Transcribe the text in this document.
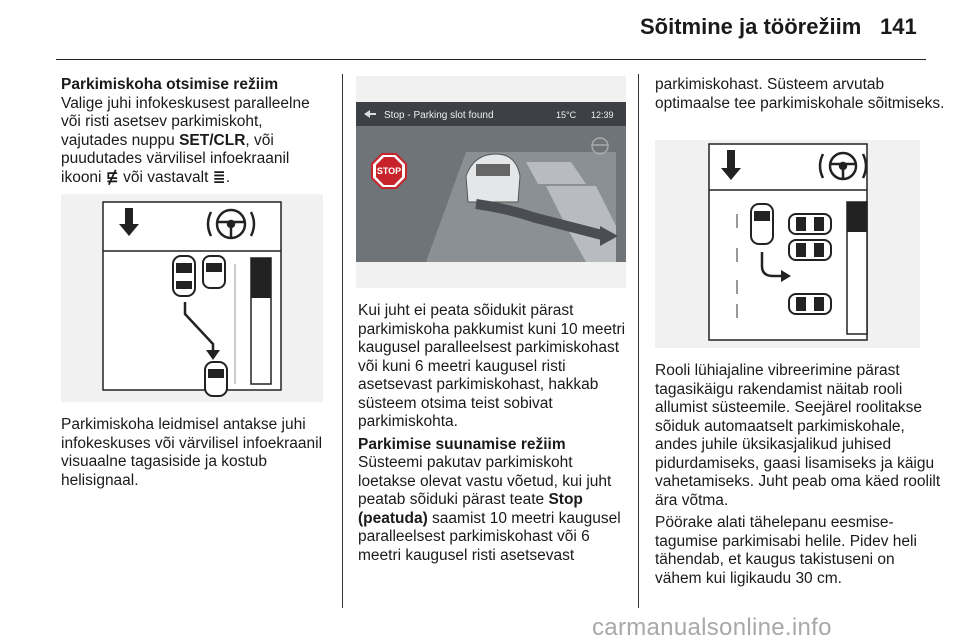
Sõitmine ja töörežiim 141

Parkimiskoha otsimise režiim

Valige juhi infokeskusest paralleelne või risti asetsev parkimiskoht, vajutades nuppu SET/CLR, või puudutades värvilisel infoekraanil ikooni ⋢ või vastavalt ≣.

Parkimiskoha leidmisel antakse juhi infokeskuses või värvilisel infoekraanil visuaalne tagasiside ja kostub helisignaal.

Stop - Parking slot found	15°C 12:39
STOP

Kui juht ei peata sõidukit pärast parkimiskoha pakkumist kuni 10 meetri kaugusel paralleelsest parkimiskohast või kuni 6 meetri kaugusel risti asetsevast parkimiskohast, hakkab süsteem otsima teist sobivat parkimiskohta.

Parkimise suunamise režiim

Süsteemi pakutav parkimiskoht loetakse olevat vastu võetud, kui juht peatab sõiduki pärast teate Stop (peatuda) saamist 10 meetri kaugusel paralleelsest parkimiskohast või 6 meetri kaugusel risti asetsevast

parkimiskohast. Süsteem arvutab optimaalse tee parkimiskohale sõitmiseks.

Rooli lühiajaline vibreerimine pärast tagasikäigu rakendamist näitab rooli allumist süsteemile. Seejärel roolitakse sõiduk automaatselt parkimiskohale, andes juhile üksikasjalikud juhised pidurdamiseks, gaasi lisamiseks ja käigu vahetamiseks. Juht peab oma käed roolilt ära võtma.

Pöörake alati tähelepanu eesmise-tagumise parkimisabi helile. Pidev heli tähendab, et kaugus takistuseni on vähem kui ligikaudu 30 cm.

carmanualsonline.info
